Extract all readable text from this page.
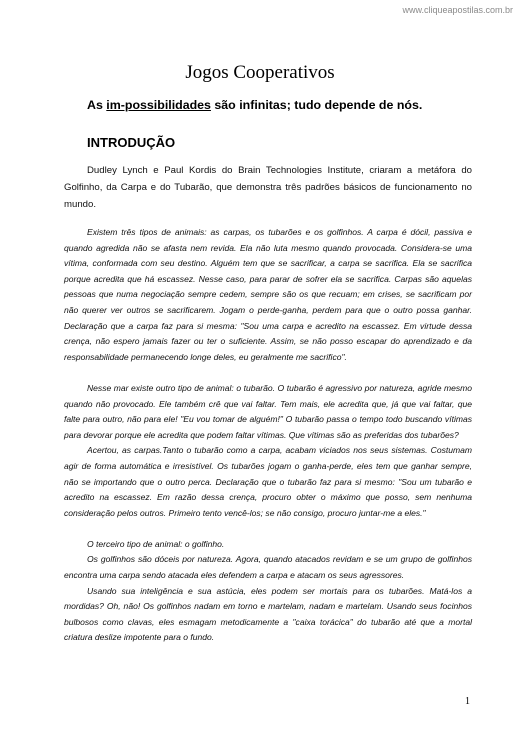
www.cliqueapostilas.com.br
Jogos Cooperativos
As im-possibilidades são infinitas; tudo depende de nós.
INTRODUÇÃO

Dudley Lynch e Paul Kordis do Brain Technologies Institute, criaram a metáfora do Golfinho, da Carpa e do Tubarão, que demonstra três padrões básicos de funcionamento no mundo.

Existem três tipos de animais: as carpas, os tubarões e os golfinhos. A carpa é dócil, passiva e quando agredida não se afasta nem revida. Ela não luta mesmo quando provocada. Considera-se uma vítima, conformada com seu destino. Alguém tem que se sacrificar, a carpa se sacrifica. Ela se sacrifica porque acredita que há escassez. Nesse caso, para parar de sofrer ela se sacrifica. Carpas são aquelas pessoas que numa negociação sempre cedem, sempre são os que recuam; em crises, se sacrificam por não querer ver outros se sacrificarem. Jogam o perde-ganha, perdem para que o outro possa ganhar. Declaração que a carpa faz para si mesma: "Sou uma carpa e acredito na escassez. Em virtude dessa crença, não espero jamais fazer ou ter o suficiente. Assim, se não posso escapar do aprendizado e da responsabilidade permanecendo longe deles, eu geralmente me sacrifico".

Nesse mar existe outro tipo de animal: o tubarão. O tubarão é agressivo por natureza, agride mesmo quando não provocado. Ele também crê que vai faltar. Tem mais, ele acredita que, já que vai faltar, que falte para outro, não para ele! "Eu vou tomar de alguém!" O tubarão passa o tempo todo buscando vítimas para devorar porque ele acredita que podem faltar vítimas. Que vítimas são as preferidas dos tubarões?

Acertou, as carpas.Tanto o tubarão como a carpa, acabam viciados nos seus sistemas. Costumam agir de forma automática e irresistível. Os tubarões jogam o ganha-perde, eles tem que ganhar sempre, não se importando que o outro perca. Declaração que o tubarão faz para si mesmo: "Sou um tubarão e acredito na escassez. Em razão dessa crença, procuro obter o máximo que posso, sem nenhuma consideração pelos outros. Primeiro tento vencê-los; se não consigo, procuro juntar-me a eles."

O terceiro tipo de animal: o golfinho.

Os golfinhos são dóceis por natureza. Agora, quando atacados revidam e se um grupo de golfinhos encontra uma carpa sendo atacada eles defendem a carpa e atacam os seus agressores.

Usando sua inteligência e sua astúcia, eles podem ser mortais para os tubarões. Matá-los a mordidas? Oh, não! Os golfinhos nadam em torno e martelam, nadam e martelam. Usando seus focinhos bulbosos como clavas, eles esmagam metodicamente a "caixa torácica" do tubarão até que a mortal criatura deslize impotente para o fundo.

1
